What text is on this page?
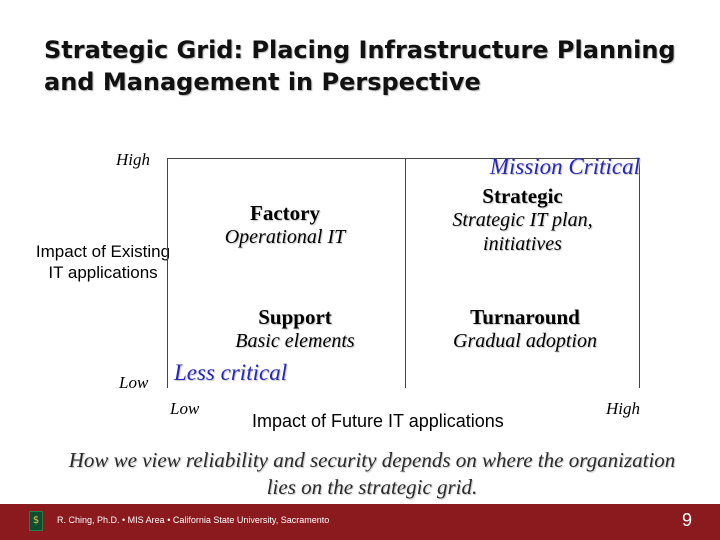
Strategic Grid: Placing Infrastructure Planning and Management in Perspective
High
Impact of Existing IT applications
Low
Factory
Operational IT
Mission Critical
Strategic
Strategic IT plan, initiatives
Support
Basic elements
Less critical
Turnaround
Gradual adoption
Low
Impact of Future IT applications
High
How we view reliability and security depends on where the organization lies on the strategic grid.
$	R. Ching, Ph.D. • MIS Area • California State University, Sacramento	9
